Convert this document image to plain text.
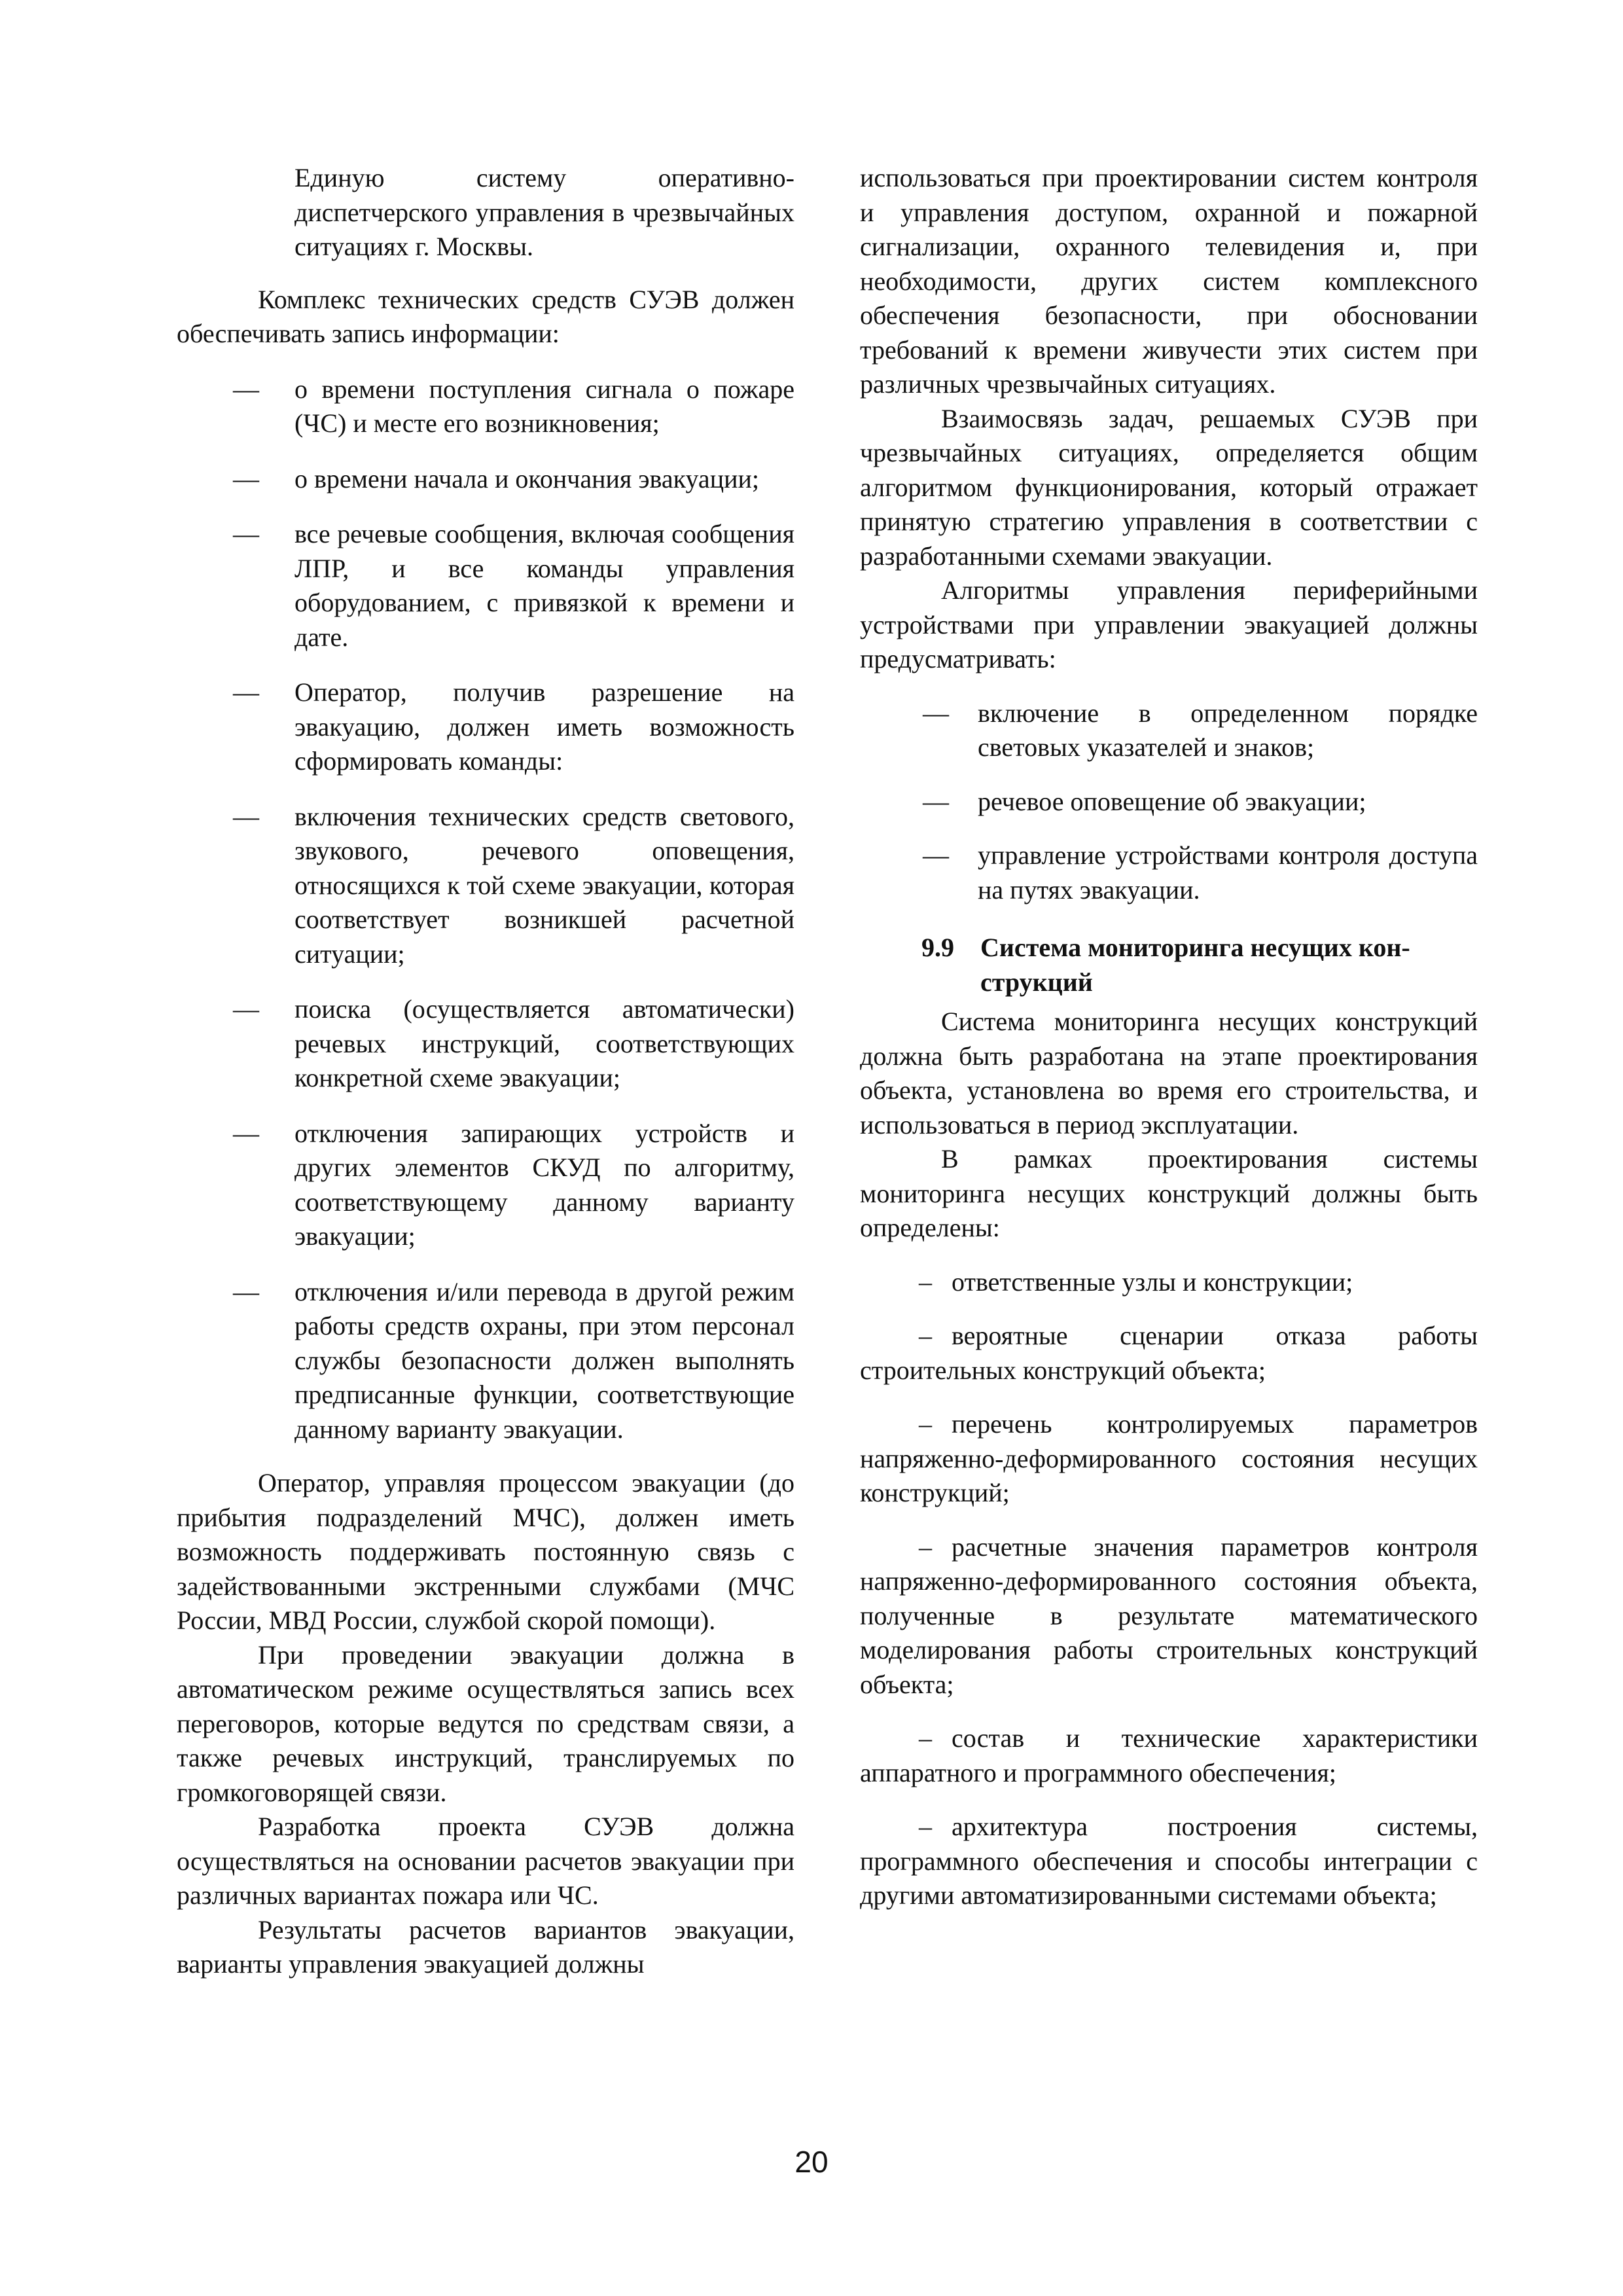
Единую систему оперативно-диспетчерского управления в чрезвычайных ситуациях г. Москвы.

Комплекс технических средств СУЭВ должен обеспечивать запись информации:

— о времени поступления сигнала о пожаре (ЧС) и месте его возникновения;
— о времени начала и окончания эвакуации;
— все речевые сообщения, включая сообщения ЛПР, и все команды управления оборудованием, с привязкой к времени и дате.
— Оператор, получив разрешение на эвакуацию, должен иметь возможность сформировать команды:
— включения технических средств светового, звукового, речевого оповещения, относящихся к той схеме эвакуации, которая соответствует возникшей расчетной ситуации;
— поиска (осуществляется автоматически) речевых инструкций, соответствующих конкретной схеме эвакуации;
— отключения запирающих устройств и других элементов СКУД по алгоритму, соответствующему данному варианту эвакуации;
— отключения и/или перевода в другой режим работы средств охраны, при этом персонал службы безопасности должен выполнять предписанные функции, соответствующие данному варианту эвакуации.

Оператор, управляя процессом эвакуации (до прибытия подразделений МЧС), должен иметь возможность поддерживать постоянную связь с задействованными экстренными службами (МЧС России, МВД России, службой скорой помощи).

При проведении эвакуации должна в автоматическом режиме осуществляться запись всех переговоров, которые ведутся по средствам связи, а также речевых инструкций, транслируемых по громкоговорящей связи.

Разработка проекта СУЭВ должна осуществляться на основании расчетов эвакуации при различных вариантах пожара или ЧС.

Результаты расчетов вариантов эвакуации, варианты управления эвакуацией должны

использоваться при проектировании систем контроля и управления доступом, охранной и пожарной сигнализации, охранного телевидения и, при необходимости, других систем комплексного обеспечения безопасности, при обосновании требований к времени живучести этих систем при различных чрезвычайных ситуациях.

Взаимосвязь задач, решаемых СУЭВ при чрезвычайных ситуациях, определяется общим алгоритмом функционирования, который отражает принятую стратегию управления в соответствии с разработанными схемами эвакуации.

Алгоритмы управления периферийными устройствами при управлении эвакуацией должны предусматривать:

— включение в определенном порядке световых указателей и знаков;
— речевое оповещение об эвакуации;
— управление устройствами контроля доступа на путях эвакуации.
9.9 Система мониторинга несущих кон-
струкций

Система мониторинга несущих конструкций должна быть разработана на этапе проектирования объекта, установлена во время его строительства, и использоваться в период эксплуатации.

В рамках проектирования системы мониторинга несущих конструкций должны быть определены:

– ответственные узлы и конструкции;
– вероятные сценарии отказа работы строительных конструкций объекта;
– перечень контролируемых параметров напряженно-деформированного состояния несущих конструкций;
– расчетные значения параметров контроля напряженно-деформированного состояния объекта, полученные в результате математического моделирования работы строительных конструкций объекта;
– состав и технические характеристики аппаратного и программного обеспечения;
– архитектура построения системы, программного обеспечения и способы интеграции с другими автоматизированными системами объекта;
20
